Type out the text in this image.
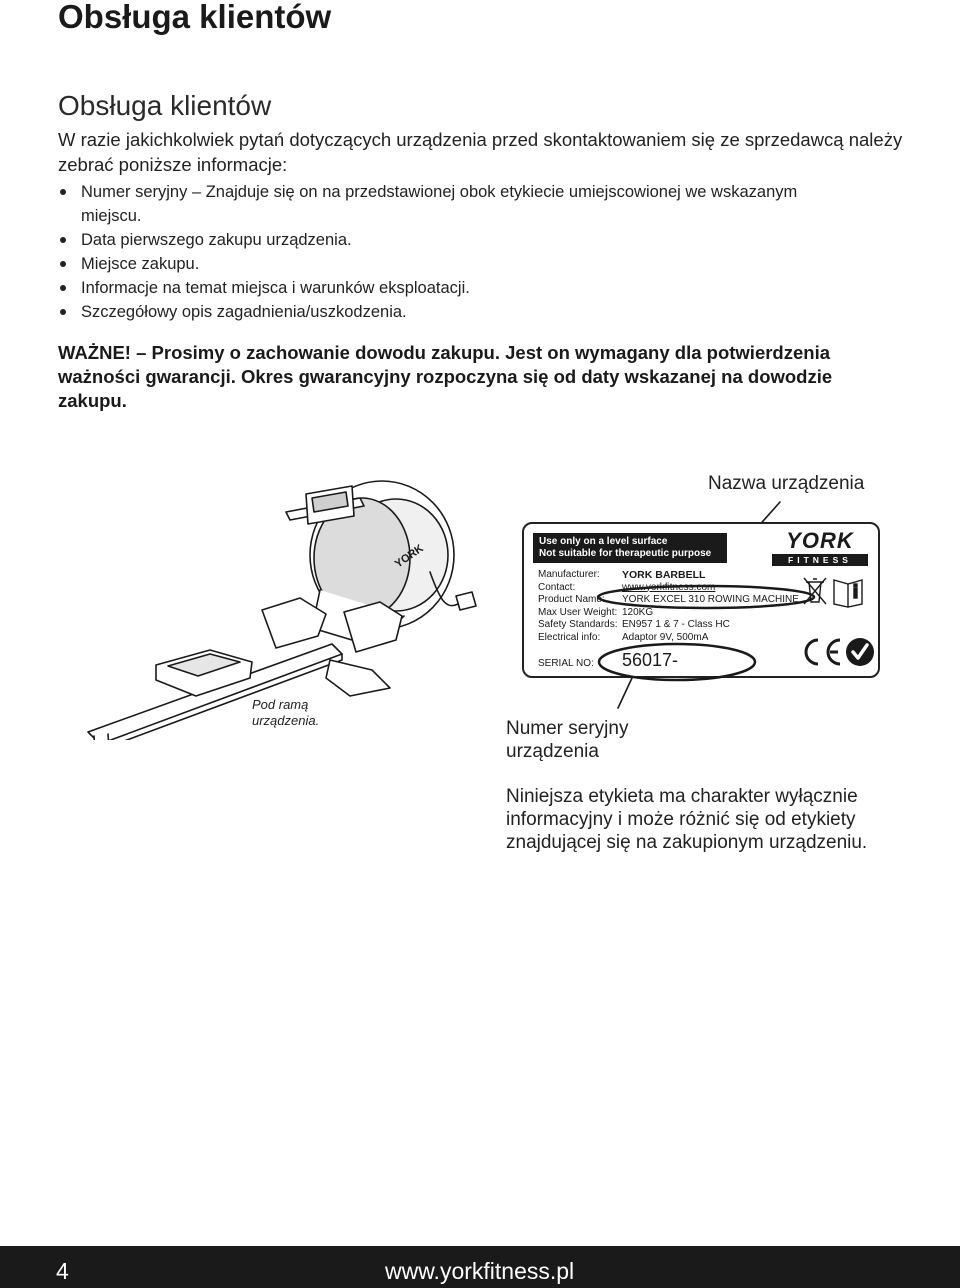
Obsługa klientów
Obsługa klientów
W razie jakichkolwiek pytań dotyczących urządzenia przed skontaktowaniem się ze sprzedawcą należy zebrać poniższe informacje:
Numer seryjny – Znajduje się on na przedstawionej obok etykiecie umiejscowionej we wskazanym miejscu.
Data pierwszego zakupu urządzenia.
Miejsce zakupu.
Informacje na temat miejsca i warunków eksploatacji.
Szczegółowy opis zagadnienia/uszkodzenia.
WAŻNE! – Prosimy o zachowanie dowodu zakupu. Jest on wymagany dla potwierdzenia ważności gwarancji. Okres gwarancyjny rozpoczyna się od daty wskazanej na dowodzie zakupu.
YORK
Nazwa urządzenia
Pod ramą urządzenia.	Numer seryjny urządzenia
Niniejsza etykieta ma charakter wyłącznie informacyjny i może różnić się od etykiety znajdującej się na zakupionym urządzeniu.
Use only on a level surface
Not suitable for therapeutic purpose
YORK
FITNESS
Manufacturer:	YORK BARBELL
Contact:	www.yorkfitness.com
Product Name:	YORK EXCEL 310 ROWING MACHINE
Max User Weight: 120KG
Safety Standards: EN957 1 & 7 - Class HC
Electrical info:	Adaptor 9V, 500mA
SERIAL NO: 56017-
4	www.yorkfitness.pl
